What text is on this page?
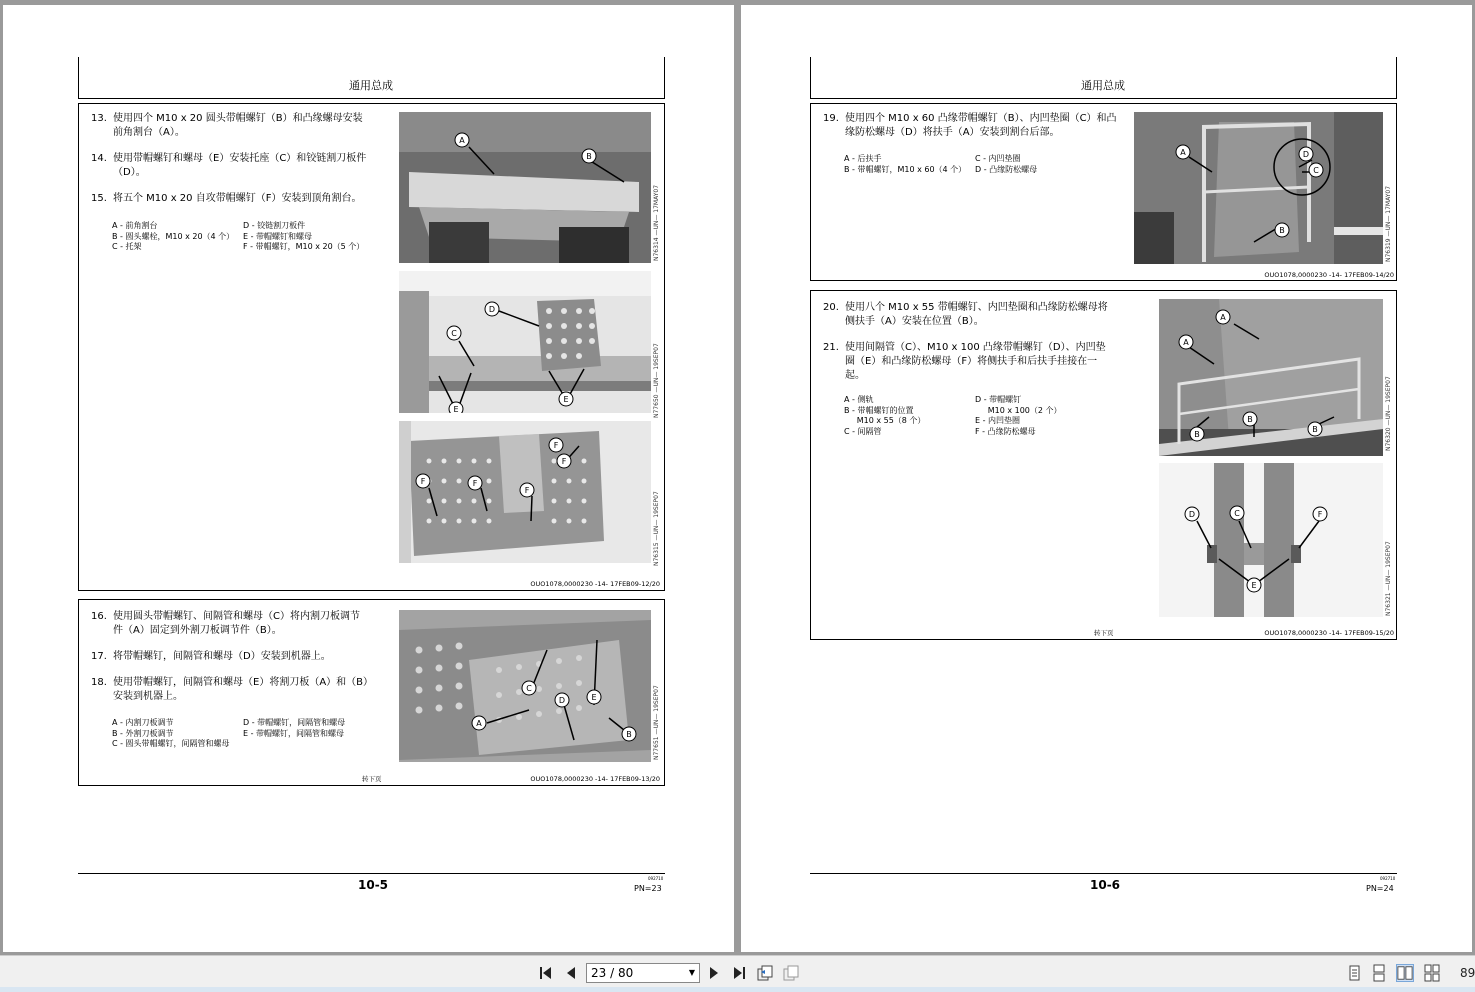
通用总成
13. 使用四个 M10 x 20 圆头带帽螺钉（B）和凸缘螺母安装前角割台（A）。
14. 使用带帽螺钉和螺母（E）安装托座（C）和铰链割刀板件（D）。
15. 将五个 M10 x 20 自攻带帽螺钉（F）安装到顶角割台。
A - 前角割台
B - 圆头螺栓，M10 x 20（4 个）
C - 托架
D - 铰链割刀板件
E - 带帽螺钉和螺母
F - 带帽螺钉，M10 x 20（5 个）
A
B
N76314 —UN— 17MAY07
D
C
E
E	N77650 —UN— 19SEP07
F	F
F
F
F
N76315 —UN— 19SEP07
OUO1078,0000230 -14- 17FEB09-12/20
16. 使用圆头带帽螺钉、间隔管和螺母（C）将内割刀板调节件（A）固定到外割刀板调节件（B）。
17. 将带帽螺钉，间隔管和螺母（D）安装到机器上。
18. 使用带帽螺钉，间隔管和螺母（E）将割刀板（A）和（B）安装到机器上。
A - 内割刀板调节
B - 外割刀板调节
C - 圆头带帽螺钉，间隔管和螺母
D - 带帽螺钉，间隔管和螺母
E - 带帽螺钉，间隔管和螺母
C
D	E
A
B	N77651 —UN— 19SEP07
转下页	OUO1078,0000230 -14- 17FEB09-13/20
10-5	092710
PN=23
通用总成
19. 使用四个 M10 x 60 凸缘带帽螺钉（B）、内凹垫圈（C）和凸缘防松螺母（D）将扶手（A）安装到割台后部。
A - 后扶手
B - 带帽螺钉，M10 x 60（4 个）
C - 内凹垫圈
D - 凸缘防松螺母
A	D
C
B	N76319 —UN— 17MAY07
OUO1078,0000230 -14- 17FEB09-14/20
20. 使用八个 M10 x 55 带帽螺钉、内凹垫圈和凸缘防松螺母将侧扶手（A）安装在位置（B）。
21. 使用间隔管（C）、M10 x 100 凸缘带帽螺钉（D）、内凹垫圈（E）和凸缘防松螺母（F）将侧扶手和后扶手挂接在一起。
A - 侧轨
B - 带帽螺钉的位置
M10 x 55（8 个）
C - 间隔管
D - 带帽螺钉
M10 x 100（2 个）
E - 内凹垫圈
F - 凸缘防松螺母
A
A
B
B
B	N76320 —UN— 19SEP07
D	C	F
E	N76321 —UN— 19SEP07
转下页	OUO1078,0000230 -14- 17FEB09-15/20
10-6	092710
PN=24
23 / 80	▼	89
